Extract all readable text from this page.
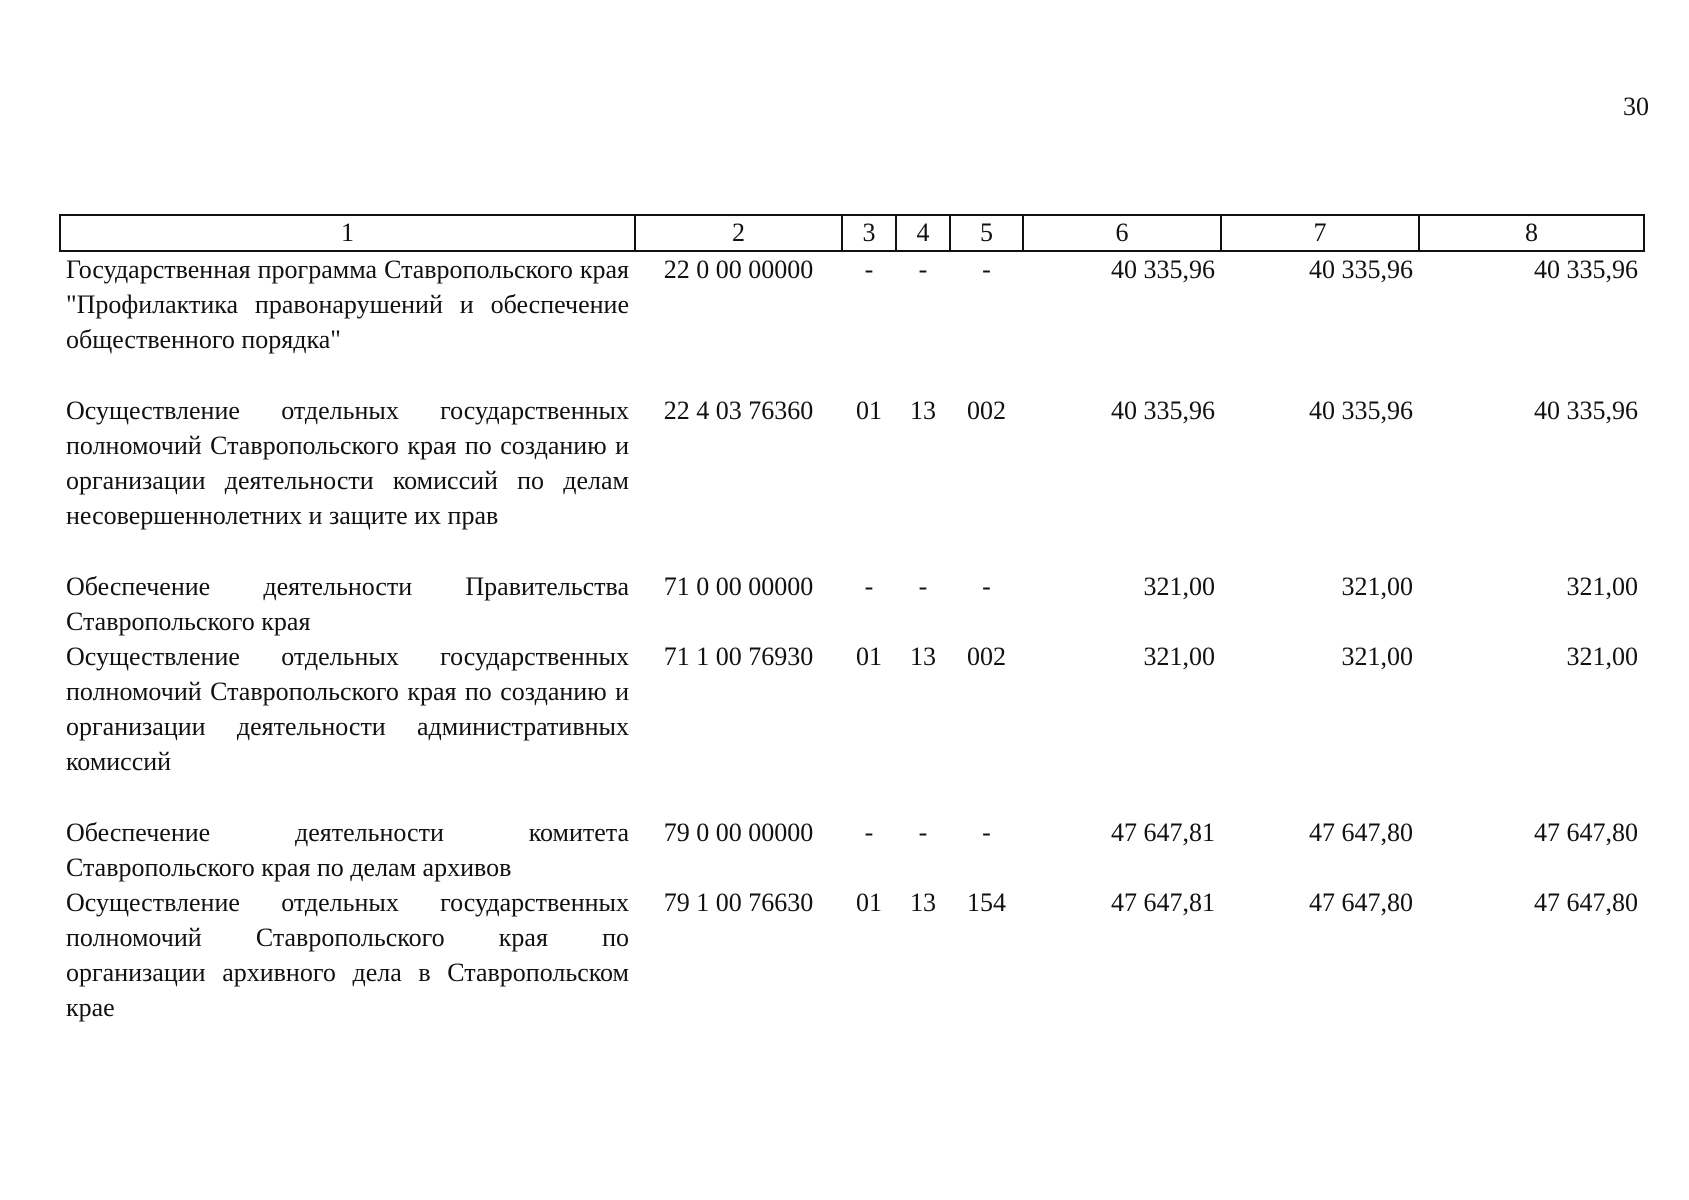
30
1	2	3	4	5	6	7	8
Государственная программа Ставропольского края "Профилактика правонарушений и обеспечение общественного порядка"	22 0 00 00000	-	-	-	40 335,96	40 335,96	40 335,96
Осуществление отдельных государственных полномочий Ставропольского края по созданию и организации деятельности комиссий по делам несовершеннолетних и защите их прав	22 4 03 76360	01	13	002	40 335,96	40 335,96	40 335,96
Обеспечение деятельности Правительства Ставропольского края	71 0 00 00000	-	-	-	321,00	321,00	321,00
Осуществление отдельных государственных полномочий Ставропольского края по созданию и организации деятельности административных комиссий	71 1 00 76930	01	13	002	321,00	321,00	321,00
Обеспечение деятельности комитета Ставропольского края по делам архивов	79 0 00 00000	-	-	-	47 647,81	47 647,80	47 647,80
Осуществление отдельных государственных полномочий Ставропольского края по организации архивного дела в Ставропольском крае	79 1 00 76630	01	13	154	47 647,81	47 647,80	47 647,80
